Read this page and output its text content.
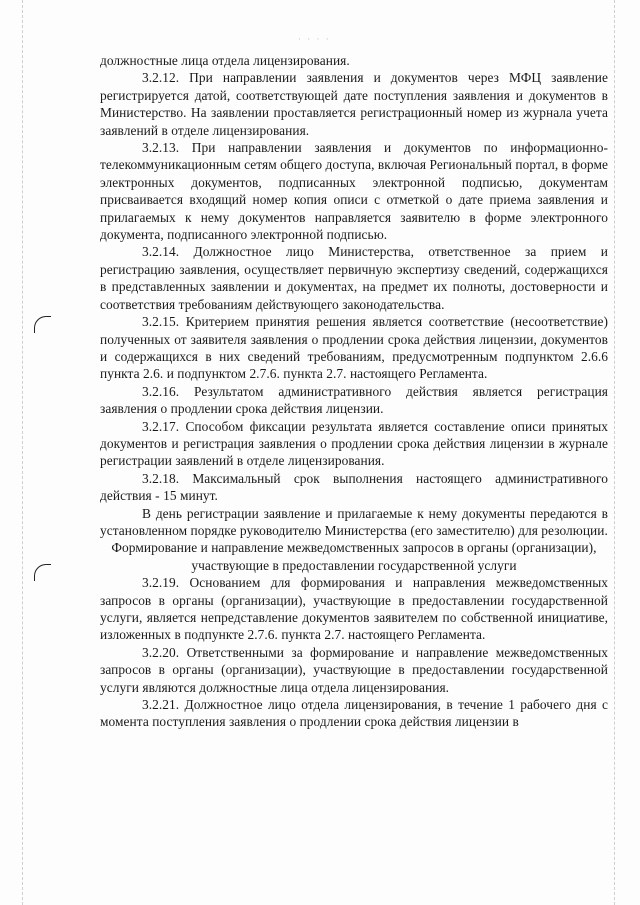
· · · ·

должностные лица отдела лицензирования.

3.2.12. При направлении заявления и документов через МФЦ заявление регистрируется датой, соответствующей дате поступления заявления и документов в Министерство. На заявлении проставляется регистрационный номер из журнала учета заявлений в отделе лицензирования.

3.2.13. При направлении заявления и документов по информационно-телекоммуникационным сетям общего доступа, включая Региональный портал, в форме электронных документов, подписанных электронной подписью, документам присваивается входящий номер копия описи с отметкой о дате приема заявления и прилагаемых к нему документов направляется заявителю в форме электронного документа, подписанного электронной подписью.

3.2.14. Должностное лицо Министерства, ответственное за прием и регистрацию заявления, осуществляет первичную экспертизу сведений, содержащихся в представленных заявлении и документах, на предмет их полноты, достоверности и соответствия требованиям действующего законодательства.

3.2.15. Критерием принятия решения является соответствие (несоответствие) полученных от заявителя заявления о продлении срока действия лицензии, документов и содержащихся в них сведений требованиям, предусмотренным подпунктом 2.6.6 пункта 2.6. и подпунктом 2.7.6. пункта 2.7. настоящего Регламента.

3.2.16. Результатом административного действия является регистрация заявления о продлении срока действия лицензии.

3.2.17. Способом фиксации результата является составление описи принятых документов и регистрация заявления о продлении срока действия лицензии в журнале регистрации заявлений в отделе лицензирования.

3.2.18. Максимальный срок выполнения настоящего административного действия - 15 минут.

В день регистрации заявление и прилагаемые к нему документы передаются в установленном порядке руководителю Министерства (его заместителю) для резолюции.

Формирование и направление межведомственных запросов в органы (организации), участвующие в предоставлении государственной услуги

3.2.19. Основанием для формирования и направления межведомственных запросов в органы (организации), участвующие в предоставлении государственной услуги, является непредставление документов заявителем по собственной инициативе, изложенных в подпункте 2.7.6. пункта 2.7. настоящего Регламента.

3.2.20. Ответственными за формирование и направление межведомственных запросов в органы (организации), участвующие в предоставлении государственной услуги являются должностные лица отдела лицензирования.

3.2.21. Должностное лицо отдела лицензирования, в течение 1 рабочего дня с момента поступления заявления о продлении срока действия лицензии в
